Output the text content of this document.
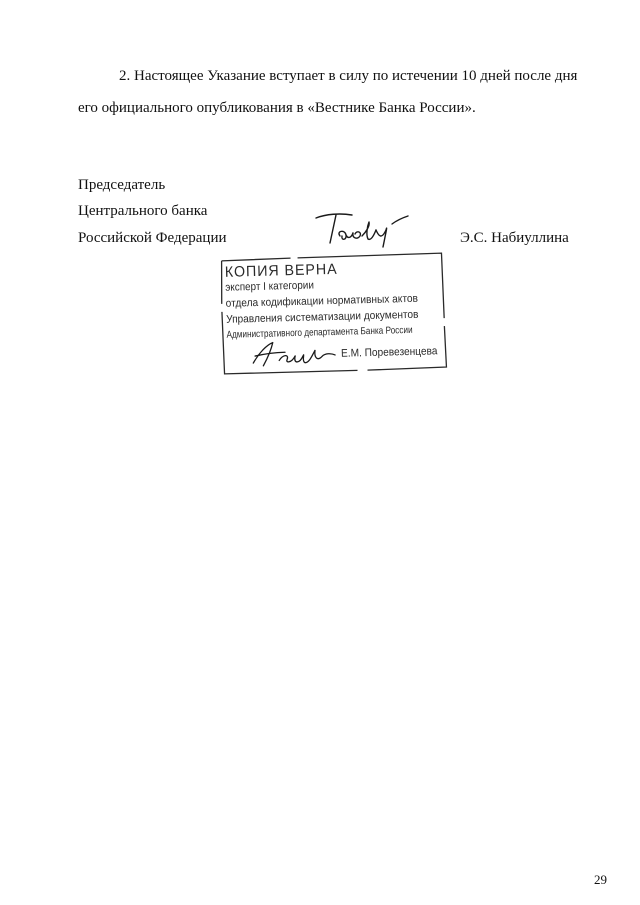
2. Настоящее Указание вступает в силу по истечении 10 дней после дня
его официального опубликования в «Вестнике Банка России».
Председатель
Центрального банка
Российской Федерации	Э.С. Набиуллина
КОПИЯ ВЕРНА
эксперт I категории
отдела кодификации нормативных актов
Управления систематизации документов
Административного департамента Банка России
Е.М. Поревезенцева
29
